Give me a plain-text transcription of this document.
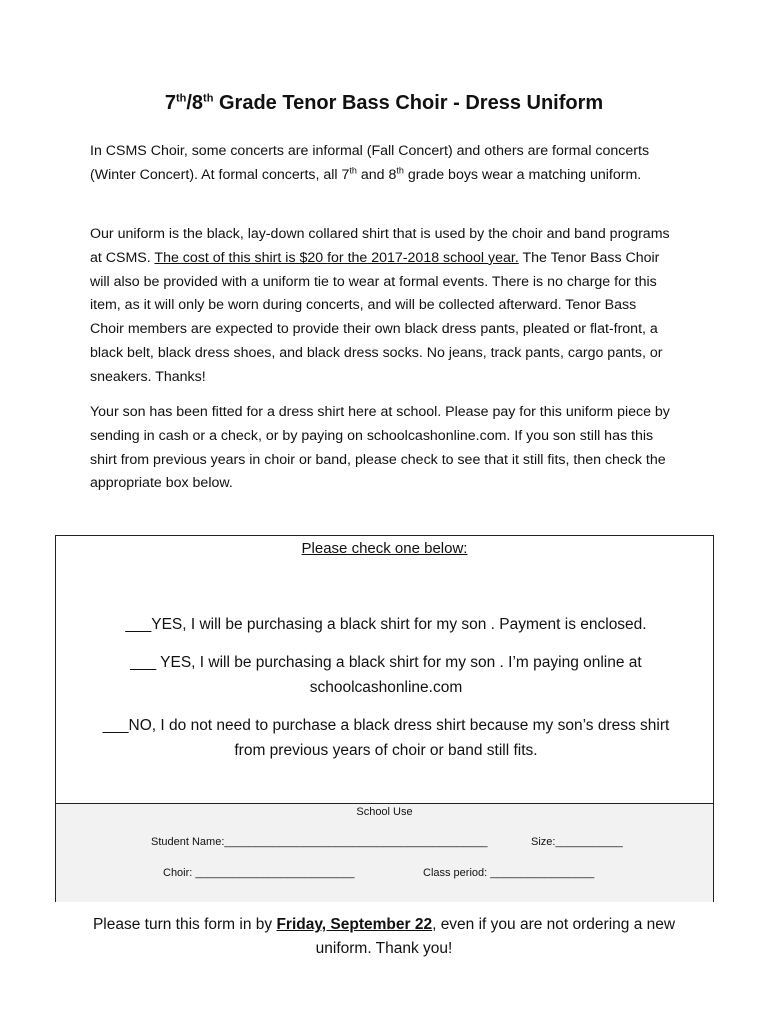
7th/8th Grade Tenor Bass Choir - Dress Uniform
In CSMS Choir, some concerts are informal (Fall Concert) and others are formal concerts (Winter Concert). At formal concerts, all 7th and 8th grade boys wear a matching uniform.
Our uniform is the black, lay-down collared shirt that is used by the choir and band programs at CSMS. The cost of this shirt is $20 for the 2017-2018 school year. The Tenor Bass Choir will also be provided with a uniform tie to wear at formal events. There is no charge for this item, as it will only be worn during concerts, and will be collected afterward. Tenor Bass Choir members are expected to provide their own black dress pants, pleated or flat-front, a black belt, black dress shoes, and black dress socks. No jeans, track pants, cargo pants, or sneakers. Thanks!
Your son has been fitted for a dress shirt here at school. Please pay for this uniform piece by sending in cash or a check, or by paying on schoolcashonline.com. If you son still has this shirt from previous years in choir or band, please check to see that it still fits, then check the appropriate box below.
Please check one below:
___YES, I will be purchasing a black shirt for my son . Payment is enclosed.
___ YES, I will be purchasing a black shirt for my son . I’m paying online at schoolcashonline.com
___NO, I do not need to purchase a black dress shirt because my son’s dress shirt from previous years of choir or band still fits.
School Use
Student Name:___________________________________________	Size:___________
Choir: __________________________	Class period: _________________
Please turn this form in by Friday, September 22, even if you are not ordering a new uniform. Thank you!
